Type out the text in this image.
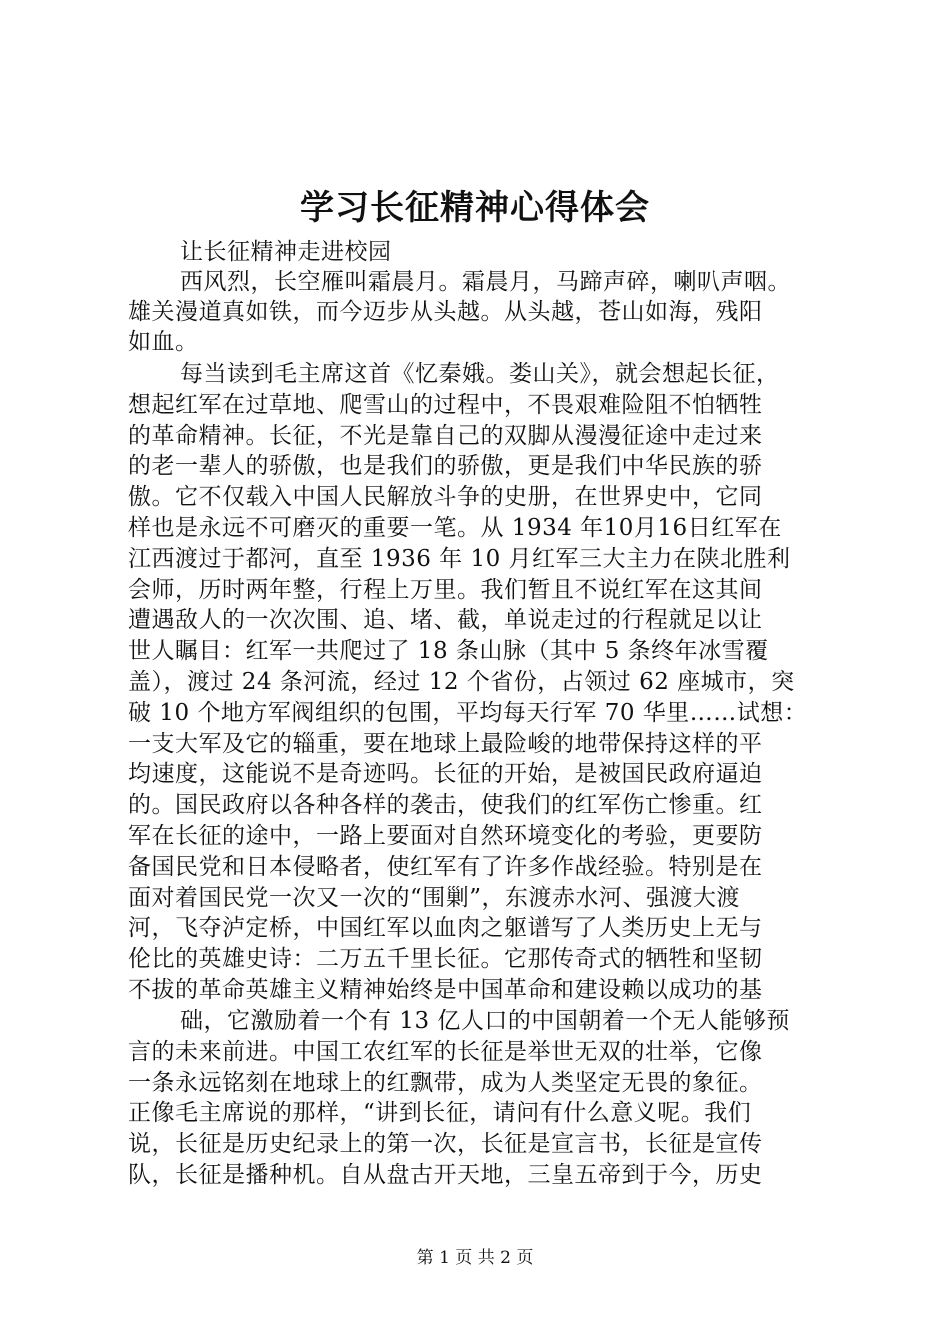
学习长征精神心得体会
让长征精神走进校园
西风烈，长空雁叫霜晨月。霜晨月，马蹄声碎，喇叭声咽。
雄关漫道真如铁，而今迈步从头越。从头越，苍山如海，残阳
如血。
每当读到毛主席这首《忆秦娥。娄山关》，就会想起长征，
想起红军在过草地、爬雪山的过程中，不畏艰难险阻不怕牺牲
的革命精神。长征，不光是靠自己的双脚从漫漫征途中走过来
的老一辈人的骄傲，也是我们的骄傲，更是我们中华民族的骄
傲。它不仅载入中国人民解放斗争的史册，在世界史中，它同
样也是永远不可磨灭的重要一笔。从 1934 年10月16日红军在
江西渡过于都河，直至 1936 年 10 月红军三大主力在陕北胜利
会师，历时两年整，行程上万里。我们暂且不说红军在这其间
遭遇敌人的一次次围、追、堵、截，单说走过的行程就足以让
世人瞩目：红军一共爬过了 18 条山脉（其中 5 条终年冰雪覆
盖），渡过 24 条河流，经过 12 个省份，占领过 62 座城市，突
破 10 个地方军阀组织的包围，平均每天行军 70 华里……试想：
一支大军及它的辎重，要在地球上最险峻的地带保持这样的平
均速度，这能说不是奇迹吗。长征的开始，是被国民政府逼迫
的。国民政府以各种各样的袭击，使我们的红军伤亡惨重。红
军在长征的途中，一路上要面对自然环境变化的考验，更要防
备国民党和日本侵略者，使红军有了许多作战经验。特别是在
面对着国民党一次又一次的“围剿”，东渡赤水河、强渡大渡
河，飞夺泸定桥，中国红军以血肉之躯谱写了人类历史上无与
伦比的英雄史诗：二万五千里长征。它那传奇式的牺牲和坚韧
不拔的革命英雄主义精神始终是中国革命和建设赖以成功的基
础，它激励着一个有 13 亿人口的中国朝着一个无人能够预
言的未来前进。中国工农红军的长征是举世无双的壮举，它像
一条永远铭刻在地球上的红飘带，成为人类坚定无畏的象征。
正像毛主席说的那样，“讲到长征，请问有什么意义呢。我们
说，长征是历史纪录上的第一次，长征是宣言书，长征是宣传
队，长征是播种机。自从盘古开天地，三皇五帝到于今，历史
第 1 页 共 2 页
